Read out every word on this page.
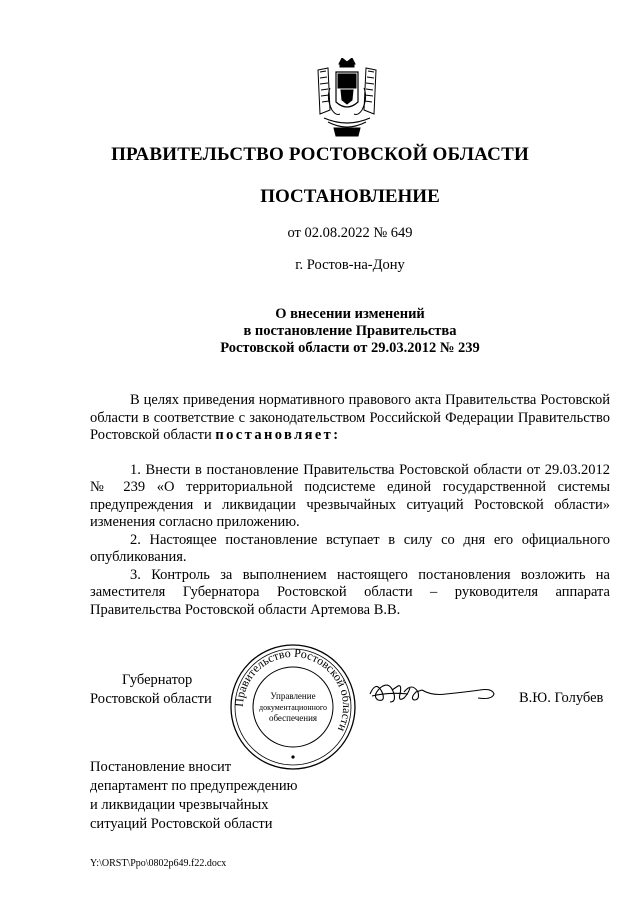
ПРАВИТЕЛЬСТВО РОСТОВСКОЙ ОБЛАСТИ
ПОСТАНОВЛЕНИЕ
от 02.08.2022 № 649
г. Ростов-на-Дону
О внесении изменений
в постановление Правительства
Ростовской области от 29.03.2012 № 239

В целях приведения нормативного правового акта Правительства Ростовской области в соответствие с законодательством Российской Федерации Правительство Ростовской области постановляет:

1. Внести в постановление Правительства Ростовской области от 29.03.2012 № 239 «О территориальной подсистеме единой государственной системы предупреждения и ликвидации чрезвычайных ситуаций Ростовской области» изменения согласно приложению.

2. Настоящее постановление вступает в силу со дня его официального опубликования.

3. Контроль за выполнением настоящего постановления возложить на заместителя Губернатора Ростовской области – руководителя аппарата Правительства Ростовской области Артемова В.В.

Губернатор
Ростовской области Правительство Ростовской области
Управление
документационного
обеспечения
В.Ю. Голубев
Постановление вносит
департамент по предупреждению
и ликвидации чрезвычайных
ситуаций Ростовской области
Y:\ORST\Ppo\0802p649.f22.docx
